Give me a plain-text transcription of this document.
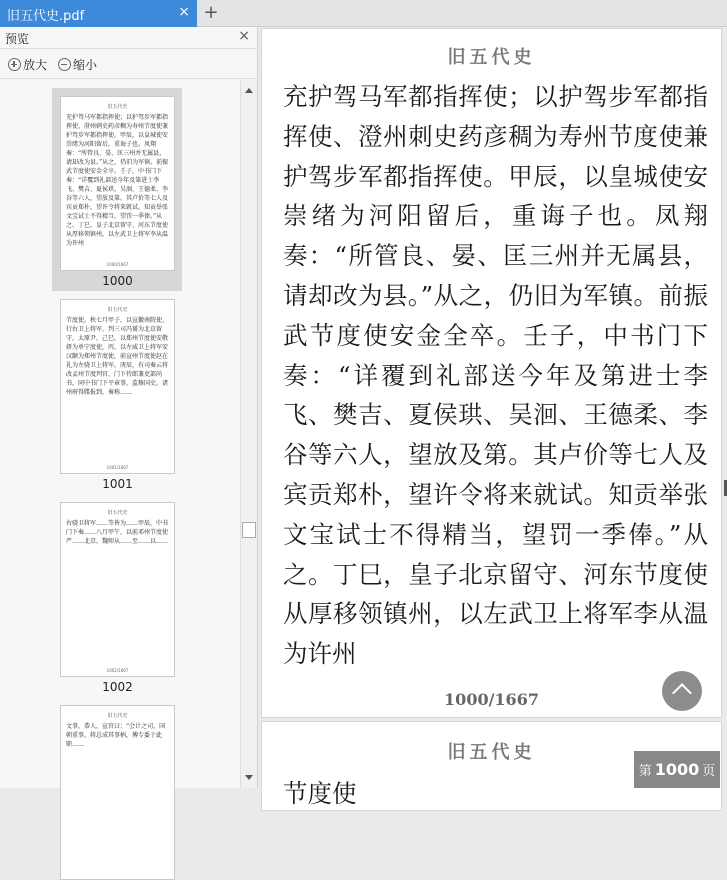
旧五代史.pdf	× +
预览	×
放大	缩小
旧五代史
充护驾马军都指挥使；以护驾步军都指挥使、澄州刺史药彦稠为寿州节度使兼护驾步军都指挥使。甲辰，以皇城使安崇绪为河阳留后，重诲子也。凤翔奏：“所管良、晏、匡三州并无属县，请却改为县。”从之，仍旧为军镇。前振武节度使安金全卒。壬子，中书门下奏：“详覆到礼部送今年及第进士李飞、樊吉、夏侯珙、吴洄、王德柔、李谷等六人，望放及第。其卢价等七人及宾贡郑朴，望许令将来就试。知贡举张文宝试士不得精当，望罚一季俸。”从之。丁巳，皇子北京留守、河东节度使从厚移领镇州，以左武卫上将军李从温为许州
1000/1667
1000
旧五代史
节度使。秋七月甲子，以宣徽南院使、行右卫上将军、判三司冯赟为北京留守，太原尹，己巳，以郑州节度使安敬妍为单宁度使，丙，以左威卫上将军安汉颙为郑州节度使，前宣州节度使赵在礼为左骁卫上将军。庚辰，有司奏云将改孟州节度判官，门下侍郎兼吏部尚书，同中书门下平章事，监修国史。诸州府得牒报到，奏称……
1001/1667
1001
旧五代史
右骁卫将军……等皆为……甲辰，中书门下奏……八月甲午，以前邓州节度使严……北京，魏师从……至……以……
1002/1667
1002
旧五代史
文事，恭人，宣官曰：“会计之司，国朝重事，将总成其事柄，傅专委于此职……
旧五代史
充护驾马军都指挥使；以护驾步军都指挥使、澄州刺史药彦稠为寿州节度使兼护驾步军都指挥使。甲辰，以皇城使安崇绪为河阳留后，重诲子也。凤翔奏：“所管良、晏、匡三州并无属县，请却改为县。”从之，仍旧为军镇。前振武节度使安金全卒。壬子，中书门下奏：“详覆到礼部送今年及第进士李飞、樊吉、夏侯珙、吴洄、王德柔、李谷等六人，望放及第。其卢价等七人及宾贡郑朴，望许令将来就试。知贡举张文宝试士不得精当，望罚一季俸。”从之。丁巳，皇子北京留守、河东节度使从厚移领镇州，以左武卫上将军李从温为许州
1000/1667
旧五代史
节度使
第 1000 页
